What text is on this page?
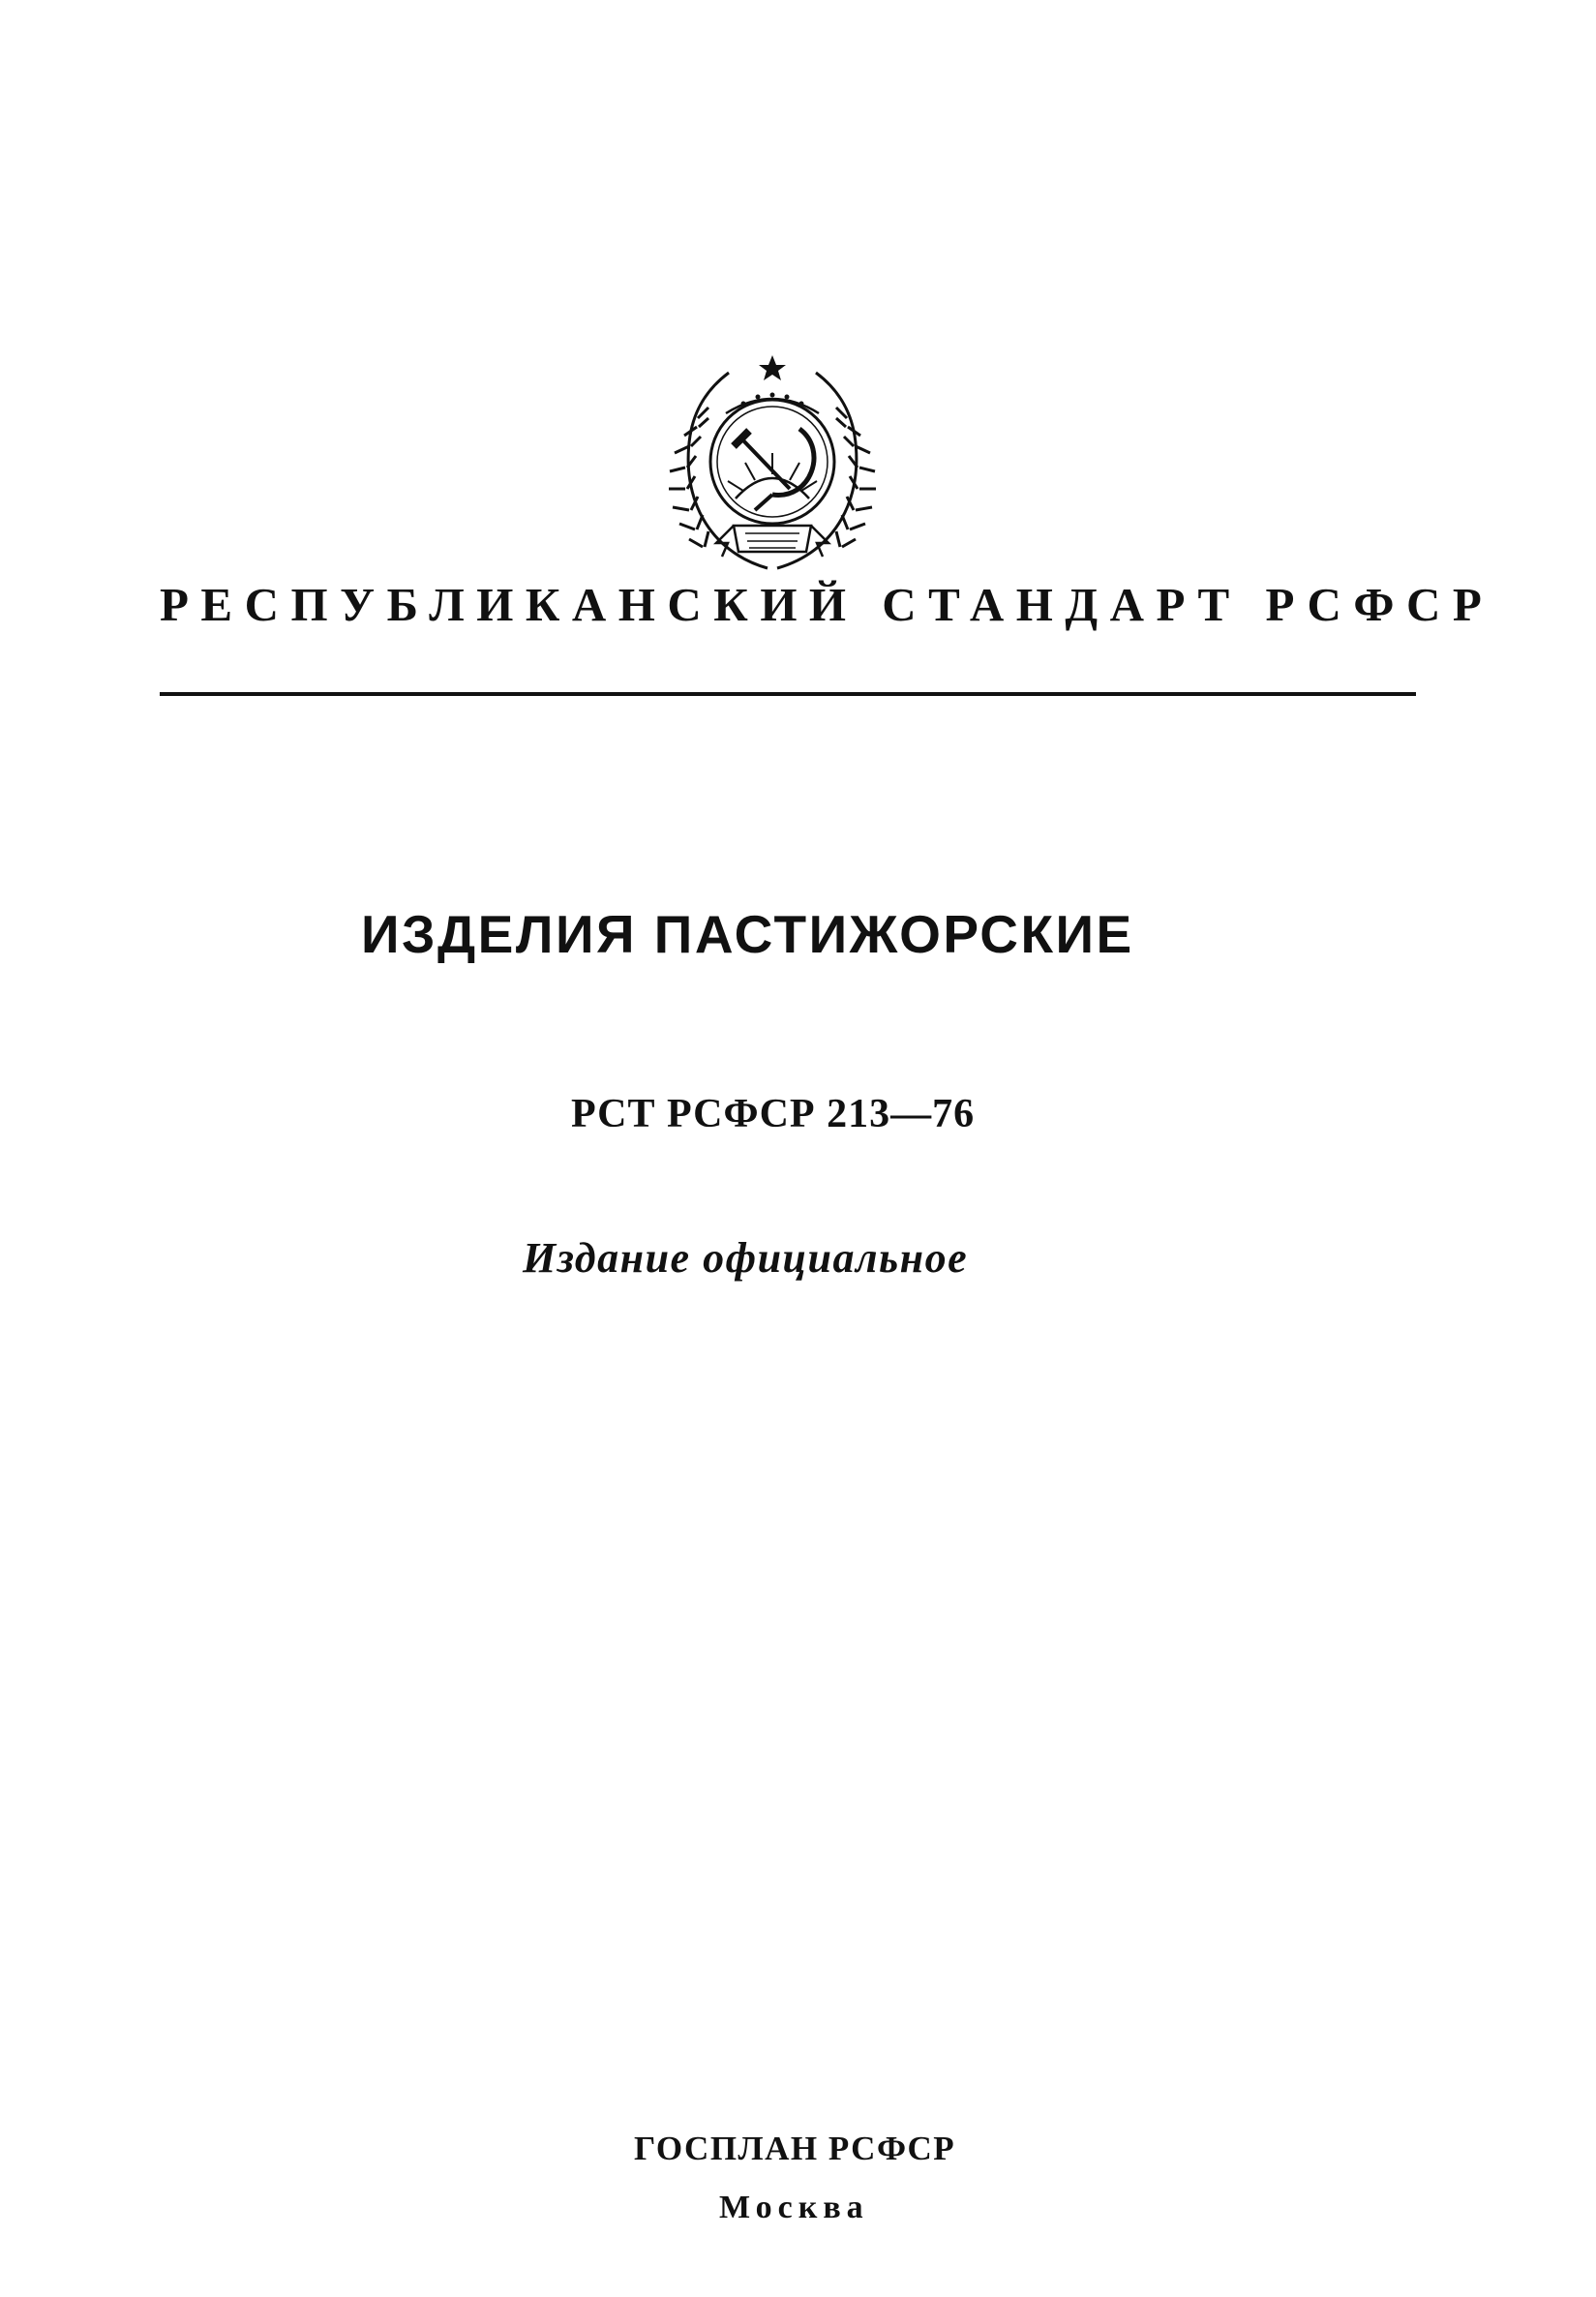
РЕСПУБЛИКАНСКИЙ СТАНДАРТ РСФСР
ИЗДЕЛИЯ ПАСТИЖОРСКИЕ
РСТ РСФСР 213—76
Издание официальное
ГОСПЛАН РСФСР
Москва
